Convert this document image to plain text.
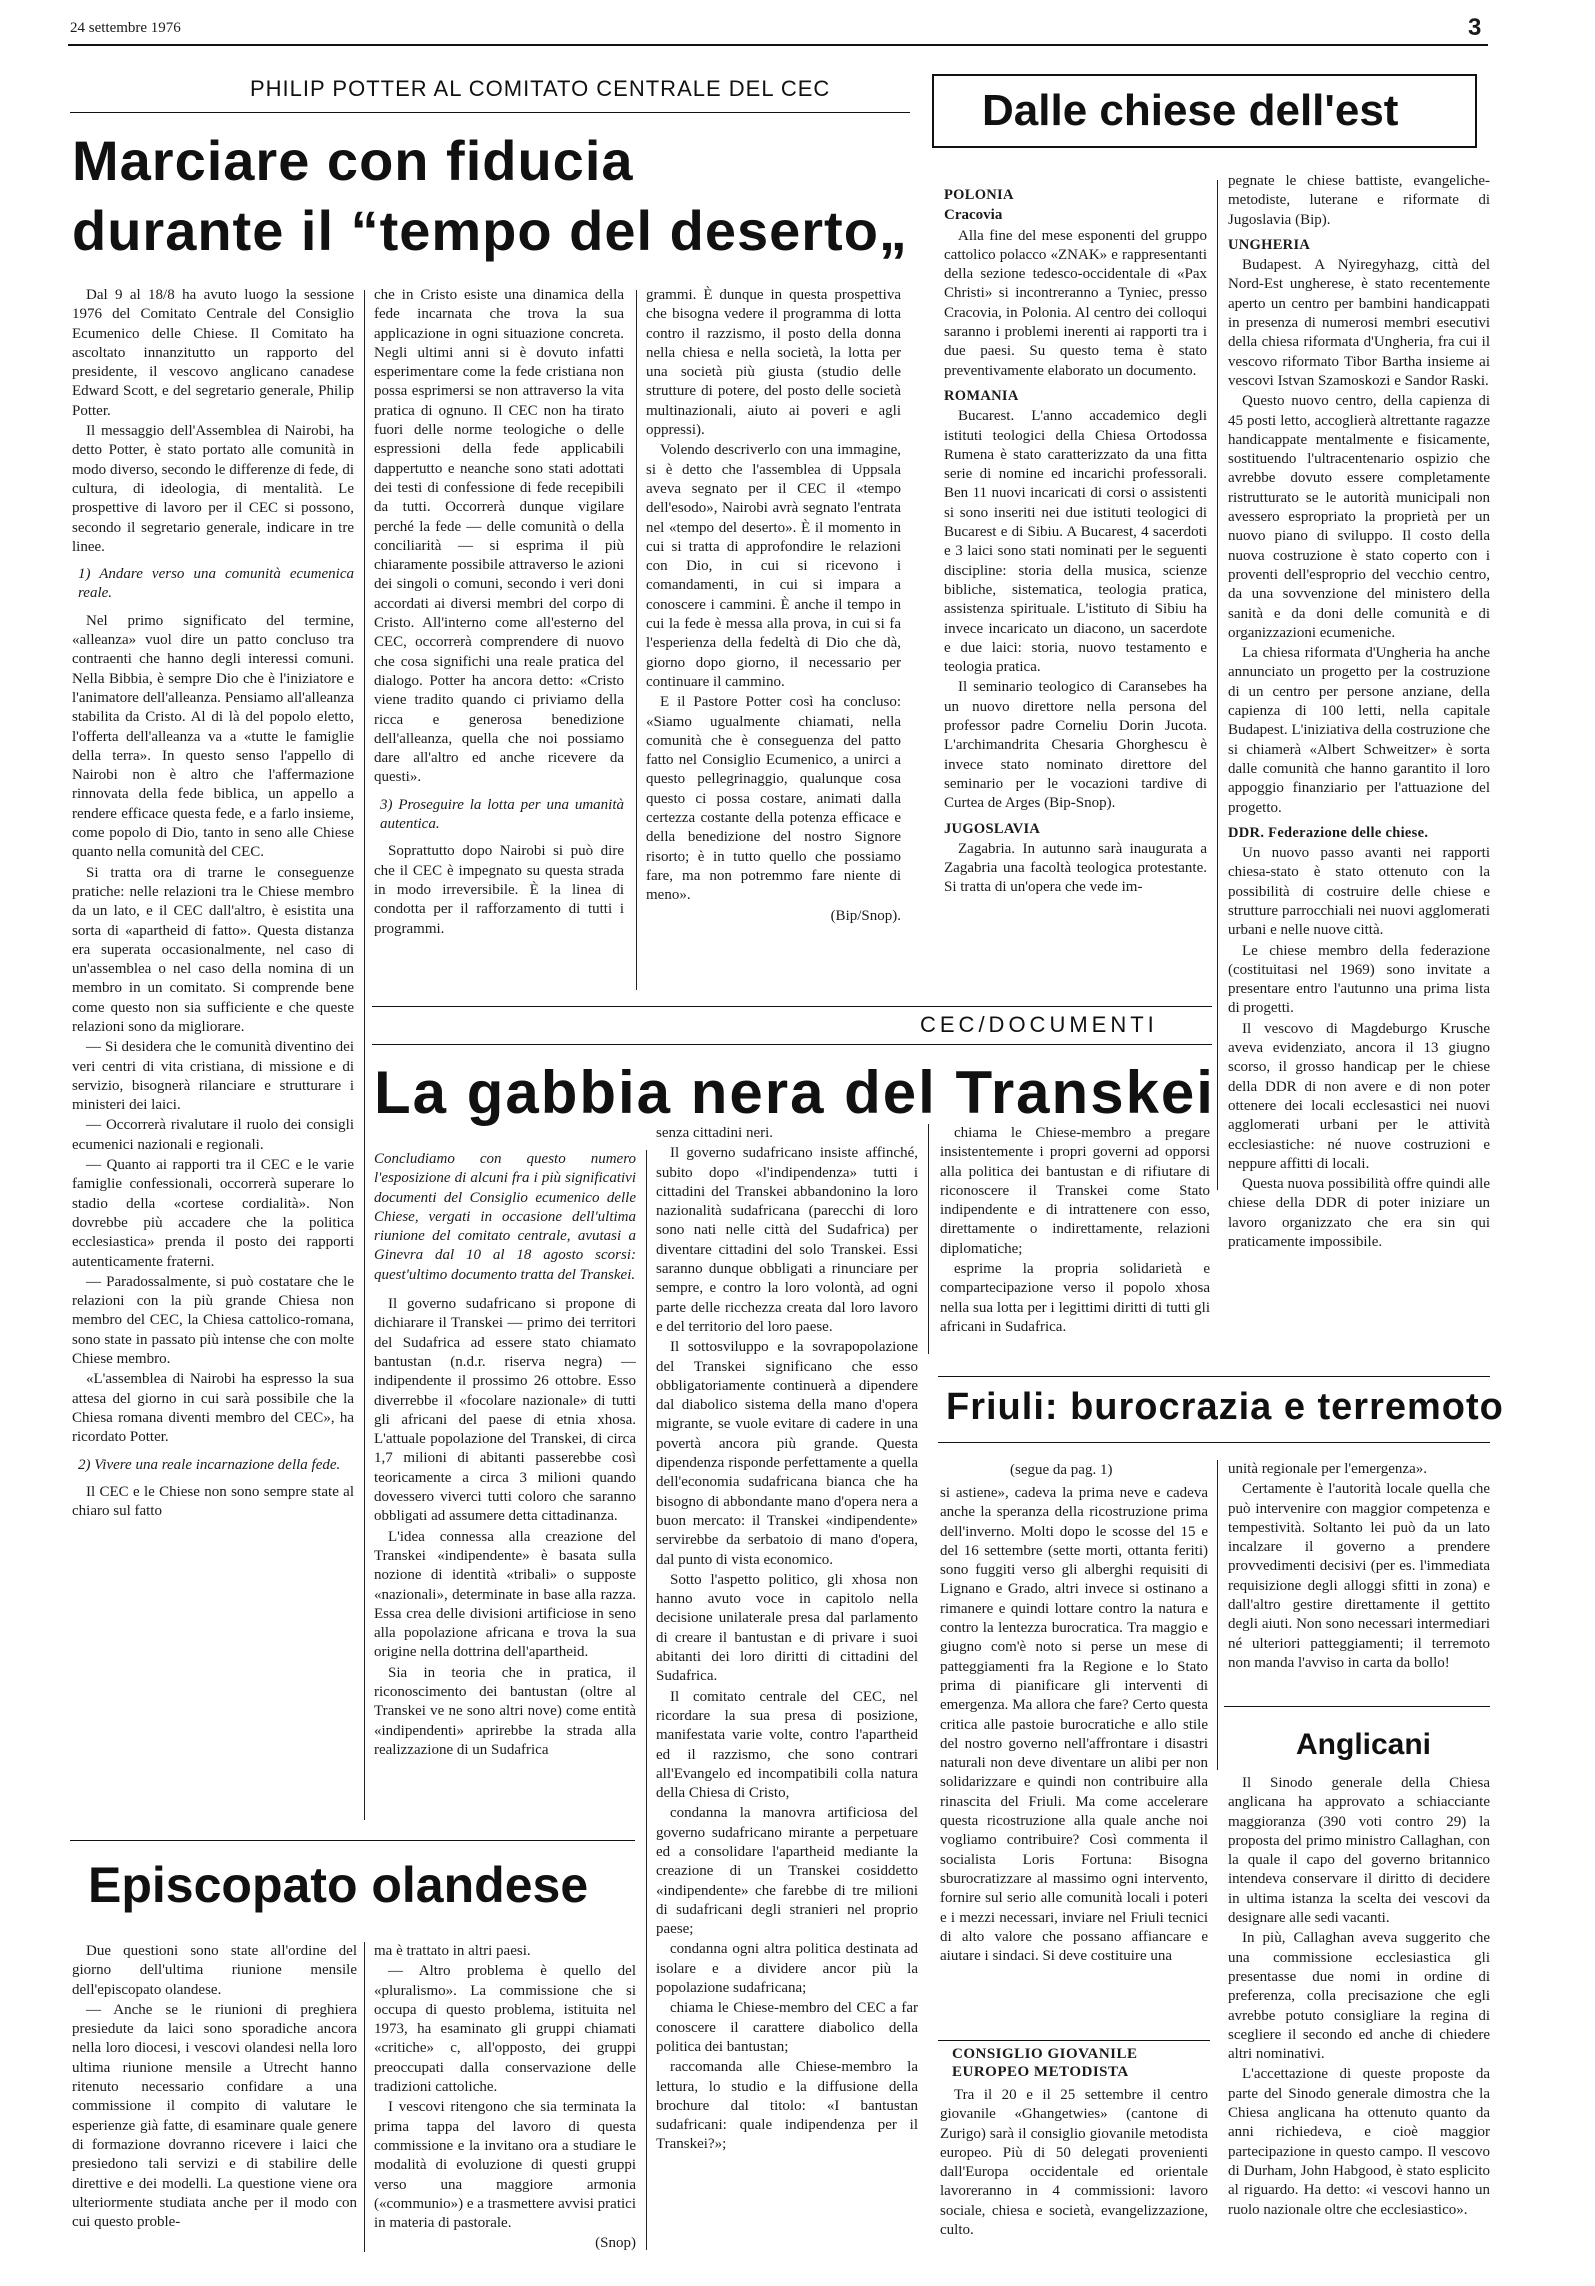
24 settembre 1976	3
PHILIP POTTER AL COMITATO CENTRALE DEL CEC
Marciare con fiducia
durante il “tempo del deserto„

Dal 9 al 18/8 ha avuto luogo la sessione 1976 del Comitato Centrale del Consiglio Ecumenico delle Chiese. Il Comitato ha ascoltato innanzitutto un rapporto del presidente, il vescovo anglicano canadese Edward Scott, e del segretario generale, Philip Potter.

Il messaggio dell'Assemblea di Nairobi, ha detto Potter, è stato portato alle comunità in modo diverso, secondo le differenze di fede, di cultura, di ideologia, di mentalità. Le prospettive di lavoro per il CEC si possono, secondo il segretario generale, indicare in tre linee.

1) Andare verso una comunità ecumenica reale.

Nel primo significato del termine, «alleanza» vuol dire un patto concluso tra contraenti che hanno degli interessi comuni. Nella Bibbia, è sempre Dio che è l'iniziatore e l'animatore dell'alleanza. Pensiamo all'alleanza stabilita da Cristo. Al di là del popolo eletto, l'offerta dell'alleanza va a «tutte le famiglie della terra». In questo senso l'appello di Nairobi non è altro che l'affermazione rinnovata della fede biblica, un appello a rendere efficace questa fede, e a farlo insieme, come popolo di Dio, tanto in seno alle Chiese quanto nella comunità del CEC.

Si tratta ora di trarne le conseguenze pratiche: nelle relazioni tra le Chiese membro da un lato, e il CEC dall'altro, è esistita una sorta di «apartheid di fatto». Questa distanza era superata occasionalmente, nel caso di un'assemblea o nel caso della nomina di un membro in un comitato. Si comprende bene come questo non sia sufficiente e che queste relazioni sono da migliorare.

— Si desidera che le comunità diventino dei veri centri di vita cristiana, di missione e di servizio, bisognerà rilanciare e strutturare i ministeri dei laici.

— Occorrerà rivalutare il ruolo dei consigli ecumenici nazionali e regionali.

— Quanto ai rapporti tra il CEC e le varie famiglie confessionali, occorrerà superare lo stadio della «cortese cordialità». Non dovrebbe più accadere che la politica ecclesiastica» prenda il posto dei rapporti autenticamente fraterni.

— Paradossalmente, si può costatare che le relazioni con la più grande Chiesa non membro del CEC, la Chiesa cattolico-romana, sono state in passato più intense che con molte Chiese membro.

«L'assemblea di Nairobi ha espresso la sua attesa del giorno in cui sarà possibile che la Chiesa romana diventi membro del CEC», ha ricordato Potter.

2) Vivere una reale incarnazione della fede.

Il CEC e le Chiese non sono sempre state al chiaro sul fatto

che in Cristo esiste una dinamica della fede incarnata che trova la sua applicazione in ogni situazione concreta. Negli ultimi anni si è dovuto infatti esperimentare come la fede cristiana non possa esprimersi se non attraverso la vita pratica di ognuno. Il CEC non ha tirato fuori delle norme teologiche o delle espressioni della fede applicabili dappertutto e neanche sono stati adottati dei testi di confessione di fede recepibili da tutti. Occorrerà dunque vigilare perché la fede — delle comunità o della conciliarità — si esprima il più chiaramente possibile attraverso le azioni dei singoli o comuni, secondo i veri doni accordati ai diversi membri del corpo di Cristo. All'interno come all'esterno del CEC, occorrerà comprendere di nuovo che cosa significhi una reale pratica del dialogo. Potter ha ancora detto: «Cristo viene tradito quando ci priviamo della ricca e generosa benedizione dell'alleanza, quella che noi possiamo dare all'altro ed anche ricevere da questi».

3) Proseguire la lotta per una umanità autentica.

Soprattutto dopo Nairobi si può dire che il CEC è impegnato su questa strada in modo irreversibile. È la linea di condotta per il rafforzamento di tutti i programmi.

grammi. È dunque in questa prospettiva che bisogna vedere il programma di lotta contro il razzismo, il posto della donna nella chiesa e nella società, la lotta per una società più giusta (studio delle strutture di potere, del posto delle società multinazionali, aiuto ai poveri e agli oppressi).

Volendo descriverlo con una immagine, si è detto che l'assemblea di Uppsala aveva segnato per il CEC il «tempo dell'esodo», Nairobi avrà segnato l'entrata nel «tempo del deserto». È il momento in cui si tratta di approfondire le relazioni con Dio, in cui si ricevono i comandamenti, in cui si impara a conoscere i cammini. È anche il tempo in cui la fede è messa alla prova, in cui si fa l'esperienza della fedeltà di Dio che dà, giorno dopo giorno, il necessario per continuare il cammino.

E il Pastore Potter così ha concluso: «Siamo ugualmente chiamati, nella comunità che è conseguenza del patto fatto nel Consiglio Ecumenico, a unirci a questo pellegrinaggio, qualunque cosa questo ci possa costare, animati dalla certezza costante della potenza efficace e della benedizione del nostro Signore risorto; è in tutto quello che possiamo fare, ma non potremmo fare niente di meno».

(Bip/Snop).

Dalle chiese dell'est

POLONIA

Cracovia

Alla fine del mese esponenti del gruppo cattolico polacco «ZNAK» e rappresentanti della sezione tedesco-occidentale di «Pax Christi» si incontreranno a Tyniec, presso Cracovia, in Polonia. Al centro dei colloqui saranno i problemi inerenti ai rapporti tra i due paesi. Su questo tema è stato preventivamente elaborato un documento.

ROMANIA

Bucarest. L'anno accademico degli istituti teologici della Chiesa Ortodossa Rumena è stato caratterizzato da una fitta serie di nomine ed incarichi professorali. Ben 11 nuovi incaricati di corsi o assistenti si sono inseriti nei due istituti teologici di Bucarest e di Sibiu. A Bucarest, 4 sacerdoti e 3 laici sono stati nominati per le seguenti discipline: storia della musica, scienze bibliche, sistematica, teologia pratica, assistenza spirituale. L'istituto di Sibiu ha invece incaricato un diacono, un sacerdote e due laici: storia, nuovo testamento e teologia pratica.

Il seminario teologico di Caransebes ha un nuovo direttore nella persona del professor padre Corneliu Dorin Jucota. L'archimandrita Chesaria Ghorghescu è invece stato nominato direttore del seminario per le vocazioni tardive di Curtea de Arges (Bip-Snop).

JUGOSLAVIA

Zagabria. In autunno sarà inaugurata a Zagabria una facoltà teologica protestante. Si tratta di un'opera che vede im-

pegnate le chiese battiste, evangeliche-metodiste, luterane e riformate di Jugoslavia (Bip).

UNGHERIA

Budapest. A Nyiregyhazg, città del Nord-Est ungherese, è stato recentemente aperto un centro per bambini handicappati in presenza di numerosi membri esecutivi della chiesa riformata d'Ungheria, fra cui il vescovo riformato Tibor Bartha insieme ai vescovi Istvan Szamoskozi e Sandor Raski.

Questo nuovo centro, della capienza di 45 posti letto, accoglierà altrettante ragazze handicappate mentalmente e fisicamente, sostituendo l'ultracentenario ospizio che avrebbe dovuto essere completamente ristrutturato se le autorità municipali non avessero espropriato la proprietà per un nuovo piano di sviluppo. Il costo della nuova costruzione è stato coperto con i proventi dell'esproprio del vecchio centro, da una sovvenzione del ministero della sanità e da doni delle comunità e di organizzazioni ecumeniche.

La chiesa riformata d'Ungheria ha anche annunciato un progetto per la costruzione di un centro per persone anziane, della capienza di 100 letti, nella capitale Budapest. L'iniziativa della costruzione che si chiamerà «Albert Schweitzer» è sorta dalle comunità che hanno garantito il loro appoggio finanziario per l'attuazione del progetto.

DDR. Federazione delle chiese.

Un nuovo passo avanti nei rapporti chiesa-stato è stato ottenuto con la possibilità di costruire delle chiese e strutture parrocchiali nei nuovi agglomerati urbani e nelle nuove città.

Le chiese membro della federazione (costituitasi nel 1969) sono invitate a presentare entro l'autunno una prima lista di progetti.

Il vescovo di Magdeburgo Krusche aveva evidenziato, ancora il 13 giugno scorso, il grosso handicap per le chiese della DDR di non avere e di non poter ottenere dei locali ecclesastici nei nuovi agglomerati urbani per le attività ecclesiastiche: né nuove costruzioni e neppure affitti di locali.

Questa nuova possibilità offre quindi alle chiese della DDR di poter iniziare un lavoro organizzato che era sin qui praticamente impossibile.

CEC/DOCUMENTI
La gabbia nera del Transkei

Concludiamo con questo numero l'esposizione di alcuni fra i più significativi documenti del Consiglio ecumenico delle Chiese, vergati in occasione dell'ultima riunione del comitato centrale, avutasi a Ginevra dal 10 al 18 agosto scorsi: quest'ultimo documento tratta del Transkei.

Il governo sudafricano si propone di dichiarare il Transkei — primo dei territori del Sudafrica ad essere stato chiamato bantustan (n.d.r. riserva negra) — indipendente il prossimo 26 ottobre. Esso diverrebbe il «focolare nazionale» di tutti gli africani del paese di etnia xhosa. L'attuale popolazione del Transkei, di circa 1,7 milioni di abitanti passerebbe così teoricamente a circa 3 milioni quando dovessero viverci tutti coloro che saranno obbligati ad assumere detta cittadinanza.

L'idea connessa alla creazione del Transkei «indipendente» è basata sulla nozione di identità «tribali» o supposte «nazionali», determinate in base alla razza. Essa crea delle divisioni artificiose in seno alla popolazione africana e trova la sua origine nella dottrina dell'apartheid.

Sia in teoria che in pratica, il riconoscimento dei bantustan (oltre al Transkei ve ne sono altri nove) come entità «indipendenti» aprirebbe la strada alla realizzazione di un Sudafrica

senza cittadini neri.

Il governo sudafricano insiste affinché, subito dopo «l'indipendenza» tutti i cittadini del Transkei abbandonino la loro nazionalità sudafricana (parecchi di loro sono nati nelle città del Sudafrica) per diventare cittadini del solo Transkei. Essi saranno dunque obbligati a rinunciare per sempre, e contro la loro volontà, ad ogni parte delle ricchezza creata dal loro lavoro e del territorio del loro paese.

Il sottosviluppo e la sovrapopolazione del Transkei significano che esso obbligatoriamente continuerà a dipendere dal diabolico sistema della mano d'opera migrante, se vuole evitare di cadere in una povertà ancora più grande. Questa dipendenza risponde perfettamente a quella dell'economia sudafricana bianca che ha bisogno di abbondante mano d'opera nera a buon mercato: il Transkei «indipendente» servirebbe da serbatoio di mano d'opera, dal punto di vista economico.

Sotto l'aspetto politico, gli xhosa non hanno avuto voce in capitolo nella decisione unilaterale presa dal parlamento di creare il bantustan e di privare i suoi abitanti dei loro diritti di cittadini del Sudafrica.

Il comitato centrale del CEC, nel ricordare la sua presa di posizione, manifestata varie volte, contro l'apartheid ed il razzismo, che sono contrari all'Evangelo ed incompatibili colla natura della Chiesa di Cristo,

condanna la manovra artificiosa del governo sudafricano mirante a perpetuare ed a consolidare l'apartheid mediante la creazione di un Transkei cosiddetto «indipendente» che farebbe di tre milioni di sudafricani degli stranieri nel proprio paese;

condanna ogni altra politica destinata ad isolare e a dividere ancor più la popolazione sudafricana;

chiama le Chiese-membro del CEC a far conoscere il carattere diabolico della politica dei bantustan;

raccomanda alle Chiese-membro la lettura, lo studio e la diffusione della brochure dal titolo: «I bantustan sudafricani: quale indipendenza per il Transkei?»;

chiama le Chiese-membro a pregare insistentemente i propri governi ad opporsi alla politica dei bantustan e di rifiutare di riconoscere il Transkei come Stato indipendente e di intrattenere con esso, direttamente o indirettamente, relazioni diplomatiche;

esprime la propria solidarietà e compartecipazione verso il popolo xhosa nella sua lotta per i legittimi diritti di tutti gli africani in Sudafrica.

Episcopato olandese

Due questioni sono state all'ordine del giorno dell'ultima riunione mensile dell'episcopato olandese.

— Anche se le riunioni di preghiera presiedute da laici sono sporadiche ancora nella loro diocesi, i vescovi olandesi nella loro ultima riunione mensile a Utrecht hanno ritenuto necessario confidare a una commissione il compito di valutare le esperienze già fatte, di esaminare quale genere di formazione dovranno ricevere i laici che presiedono tali servizi e di stabilire delle direttive e dei modelli. La questione viene ora ulteriormente studiata anche per il modo con cui questo proble-

ma è trattato in altri paesi.

— Altro problema è quello del «pluralismo». La commissione che si occupa di questo problema, istituita nel 1973, ha esaminato gli gruppi chiamati «critiche» c, all'opposto, dei gruppi preoccupati dalla conservazione delle tradizioni cattoliche.

I vescovi ritengono che sia terminata la prima tappa del lavoro di questa commissione e la invitano ora a studiare le modalità di evoluzione di questi gruppi verso una maggiore armonia («communio») e a trasmettere avvisi pratici in materia di pastorale.

(Snop)

Friuli: burocrazia e terremoto
(segue da pag. 1)

si astiene», cadeva la prima neve e cadeva anche la speranza della ricostruzione prima dell'inverno. Molti dopo le scosse del 15 e del 16 settembre (sette morti, ottanta feriti) sono fuggiti verso gli alberghi requisiti di Lignano e Grado, altri invece si ostinano a rimanere e quindi lottare contro la natura e contro la lentezza burocratica. Tra maggio e giugno com'è noto si perse un mese di patteggiamenti fra la Regione e lo Stato prima di pianificare gli interventi di emergenza. Ma allora che fare? Certo questa critica alle pastoie burocratiche e allo stile del nostro governo nell'affrontare i disastri naturali non deve diventare un alibi per non solidarizzare e quindi non contribuire alla rinascita del Friuli. Ma come accelerare questa ricostruzione alla quale anche noi vogliamo contribuire? Così commenta il socialista Loris Fortuna: Bisogna sburocratizzare al massimo ogni intervento, fornire sul serio alle comunità locali i poteri e i mezzi necessari, inviare nel Friuli tecnici di alto valore che possano affiancare e aiutare i sindaci. Si deve costituire una

unità regionale per l'emergenza».

Certamente è l'autorità locale quella che può intervenire con maggior competenza e tempestività. Soltanto lei può da un lato incalzare il governo a prendere provvedimenti decisivi (per es. l'immediata requisizione degli alloggi sfitti in zona) e dall'altro gestire direttamente il gettito degli aiuti. Non sono necessari intermediari né ulteriori patteggiamenti; il terremoto non manda l'avviso in carta da bollo!

CONSIGLIO GIOVANILE
EUROPEO METODISTA

Tra il 20 e il 25 settembre il centro giovanile «Ghangetwies» (cantone di Zurigo) sarà il consiglio giovanile metodista europeo. Più di 50 delegati provenienti dall'Europa occidentale ed orientale lavoreranno in 4 commissioni: lavoro sociale, chiesa e società, evangelizzazione, culto.

Anglicani

Il Sinodo generale della Chiesa anglicana ha approvato a schiacciante maggioranza (390 voti contro 29) la proposta del primo ministro Callaghan, con la quale il capo del governo britannico intendeva conservare il diritto di decidere in ultima istanza la scelta dei vescovi da designare alle sedi vacanti.

In più, Callaghan aveva suggerito che una commissione ecclesiastica gli presentasse due nomi in ordine di preferenza, colla precisazione che egli avrebbe potuto consigliare la regina di scegliere il secondo ed anche di chiedere altri nominativi.

L'accettazione di queste proposte da parte del Sinodo generale dimostra che la Chiesa anglicana ha ottenuto quanto da anni richiedeva, e cioè maggior partecipazione in questo campo. Il vescovo di Durham, John Habgood, è stato esplicito al riguardo. Ha detto: «i vescovi hanno un ruolo nazionale oltre che ecclesiastico».
